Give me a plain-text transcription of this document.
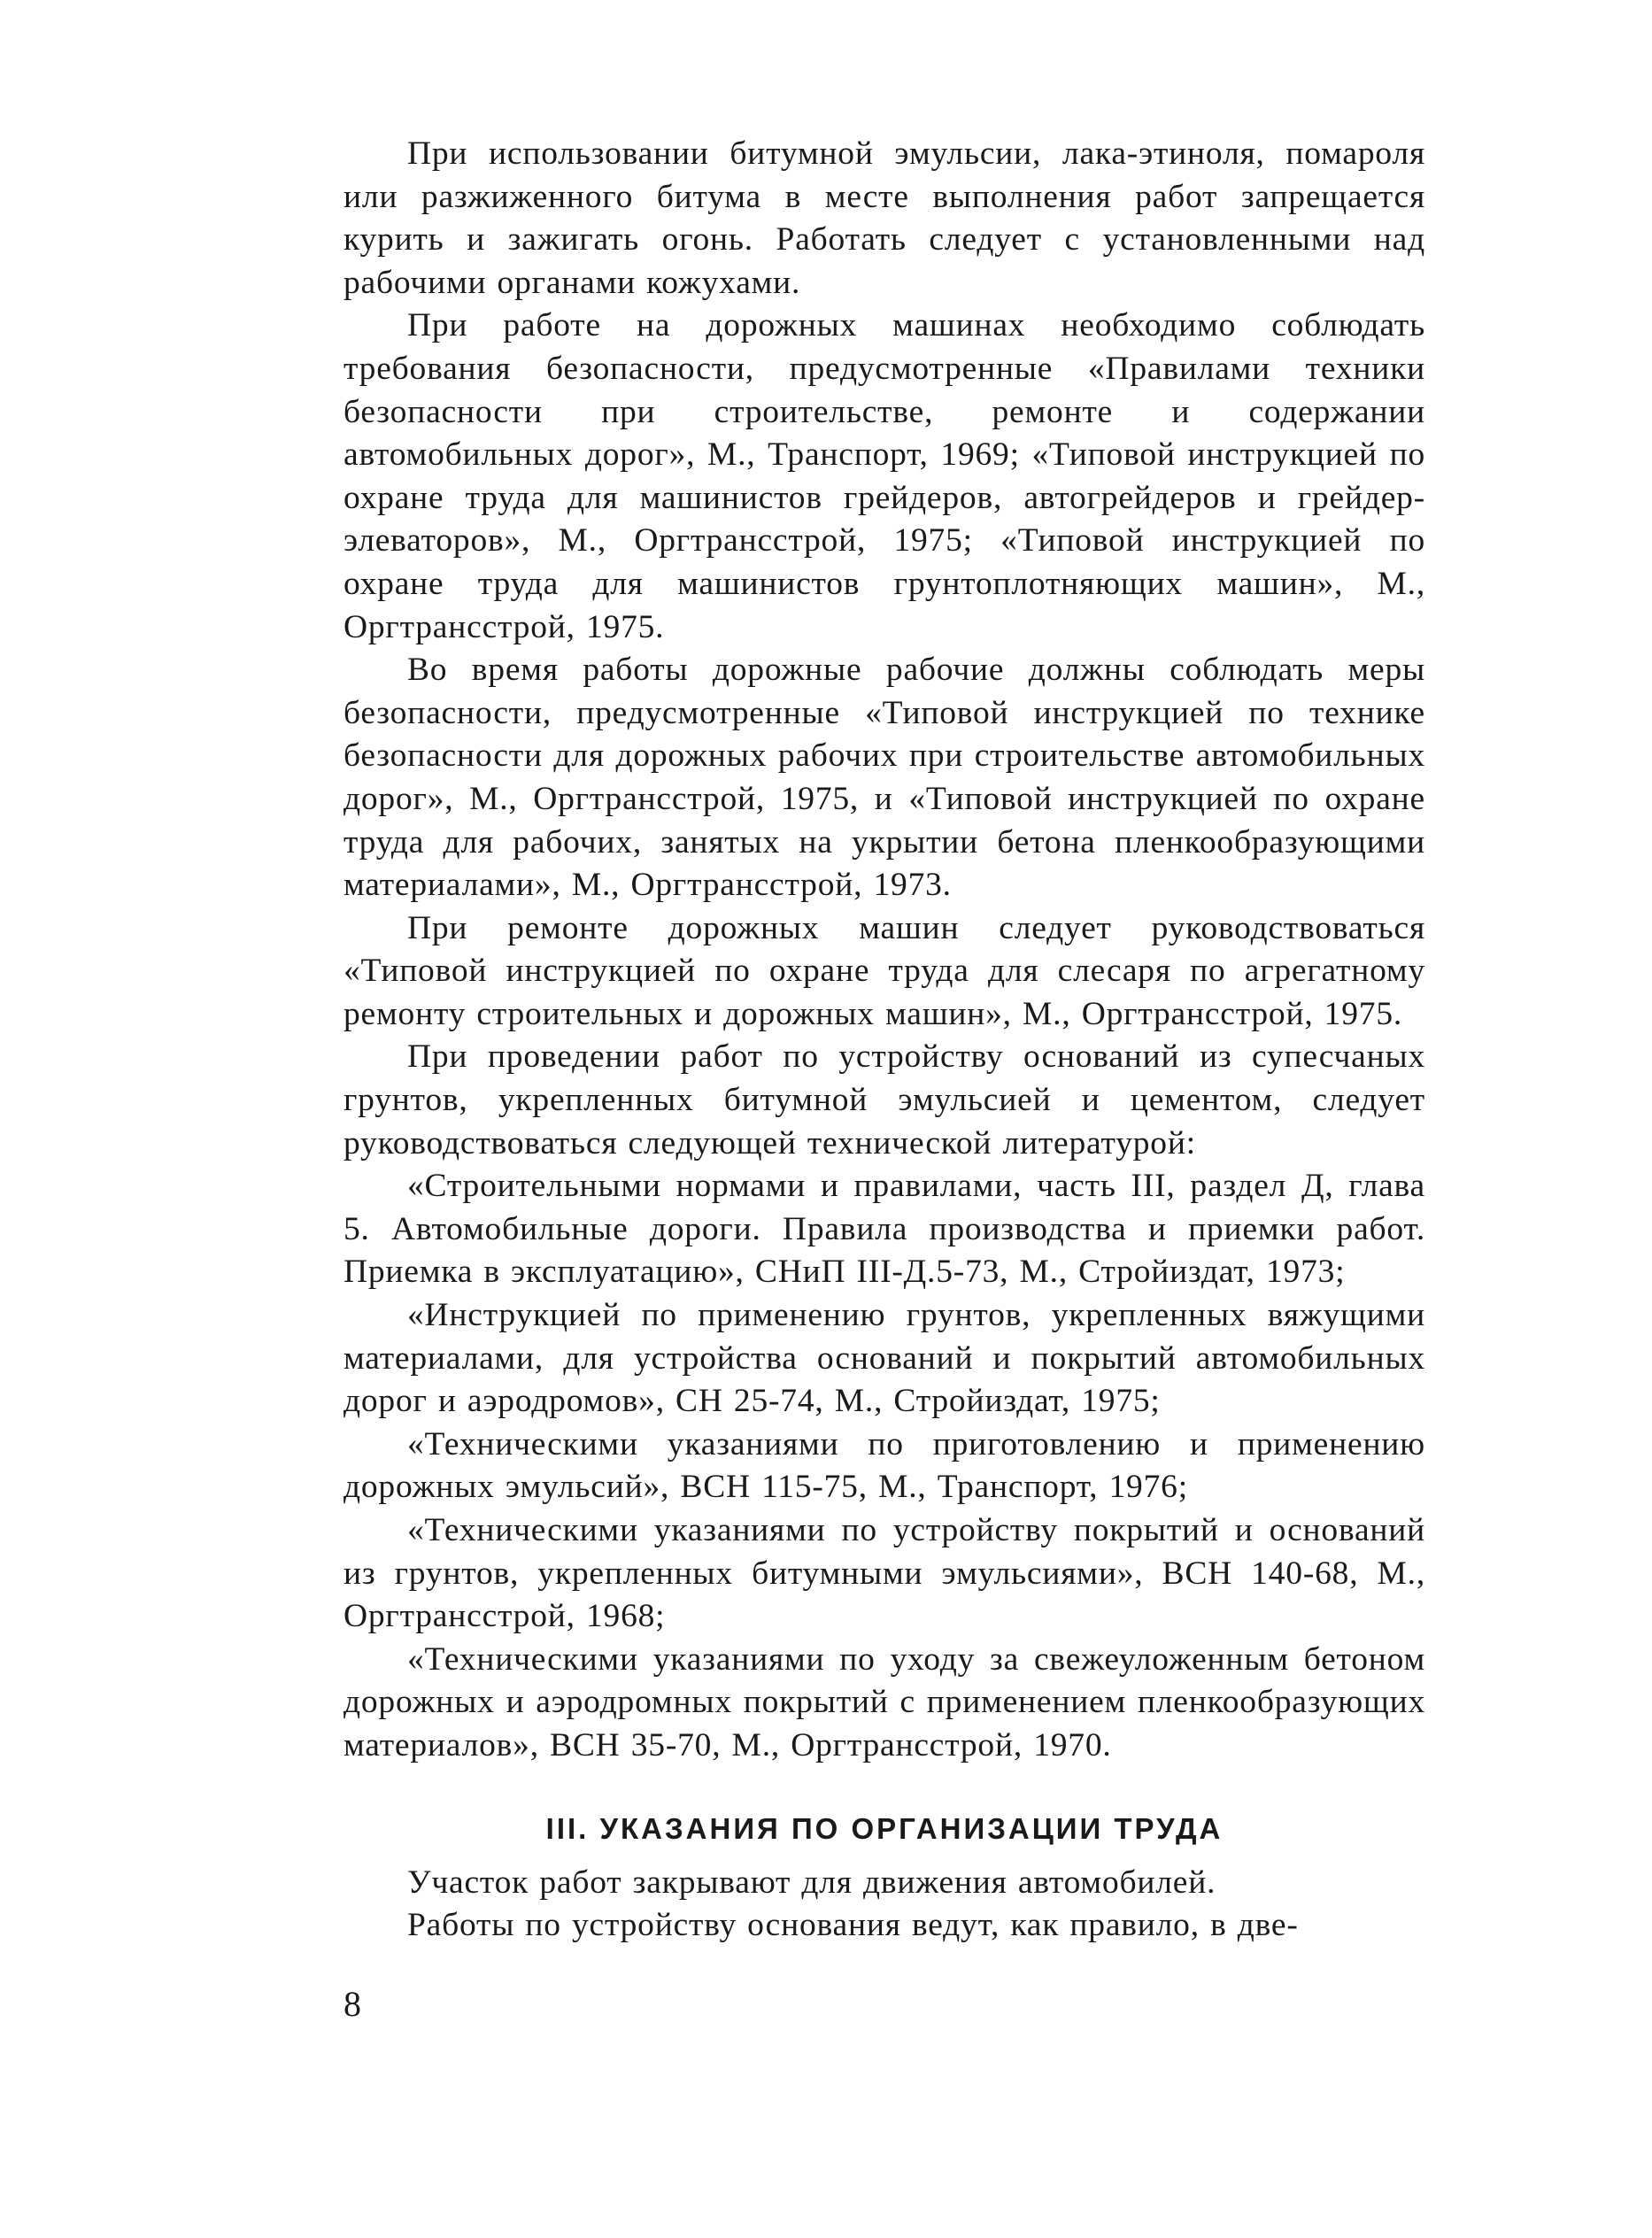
При использовании битумной эмульсии, лака-этиноля, помароля или разжиженного битума в месте выполнения работ запрещается курить и зажигать огонь. Работать следует с установленными над рабочими органами кожухами.

При работе на дорожных машинах необходимо соблюдать требования безопасности, предусмотренные «Правилами техники безопасности при строительстве, ремонте и содержании автомобильных дорог», М., Транспорт, 1969; «Типовой инструкцией по охране труда для машинистов грейдеров, автогрейдеров и грейдер-элеваторов», М., Оргтрансстрой, 1975; «Типовой инструкцией по охране труда для машинистов грунтоплотняющих машин», М., Оргтрансстрой, 1975.

Во время работы дорожные рабочие должны соблюдать меры безопасности, предусмотренные «Типовой инструкцией по технике безопасности для дорожных рабочих при строительстве автомобильных дорог», М., Оргтрансстрой, 1975, и «Типовой инструкцией по охране труда для рабочих, занятых на укрытии бетона пленкообразующими материалами», М., Оргтрансстрой, 1973.

При ремонте дорожных машин следует руководствоваться «Типовой инструкцией по охране труда для слесаря по агрегатному ремонту строительных и дорожных машин», М., Оргтрансстрой, 1975.

При проведении работ по устройству оснований из супесчаных грунтов, укрепленных битумной эмульсией и цементом, следует руководствоваться следующей технической литературой:

«Строительными нормами и правилами, часть III, раздел Д, глава 5. Автомобильные дороги. Правила производства и приемки работ. Приемка в эксплуатацию», СНиП III-Д.5-73, М., Стройиздат, 1973;

«Инструкцией по применению грунтов, укрепленных вяжущими материалами, для устройства оснований и покрытий автомобильных дорог и аэродромов», СН 25-74, М., Стройиздат, 1975;

«Техническими указаниями по приготовлению и применению дорожных эмульсий», ВСН 115-75, М., Транспорт, 1976;

«Техническими указаниями по устройству покрытий и оснований из грунтов, укрепленных битумными эмульсиями», ВСН 140-68, М., Оргтрансстрой, 1968;

«Техническими указаниями по уходу за свежеуложенным бетоном дорожных и аэродромных покрытий с применением пленкообразующих материалов», ВСН 35-70, М., Оргтрансстрой, 1970.

III. УКАЗАНИЯ ПО ОРГАНИЗАЦИИ ТРУДА

Участок работ закрывают для движения автомобилей.

Работы по устройству основания ведут, как правило, в две-

8
